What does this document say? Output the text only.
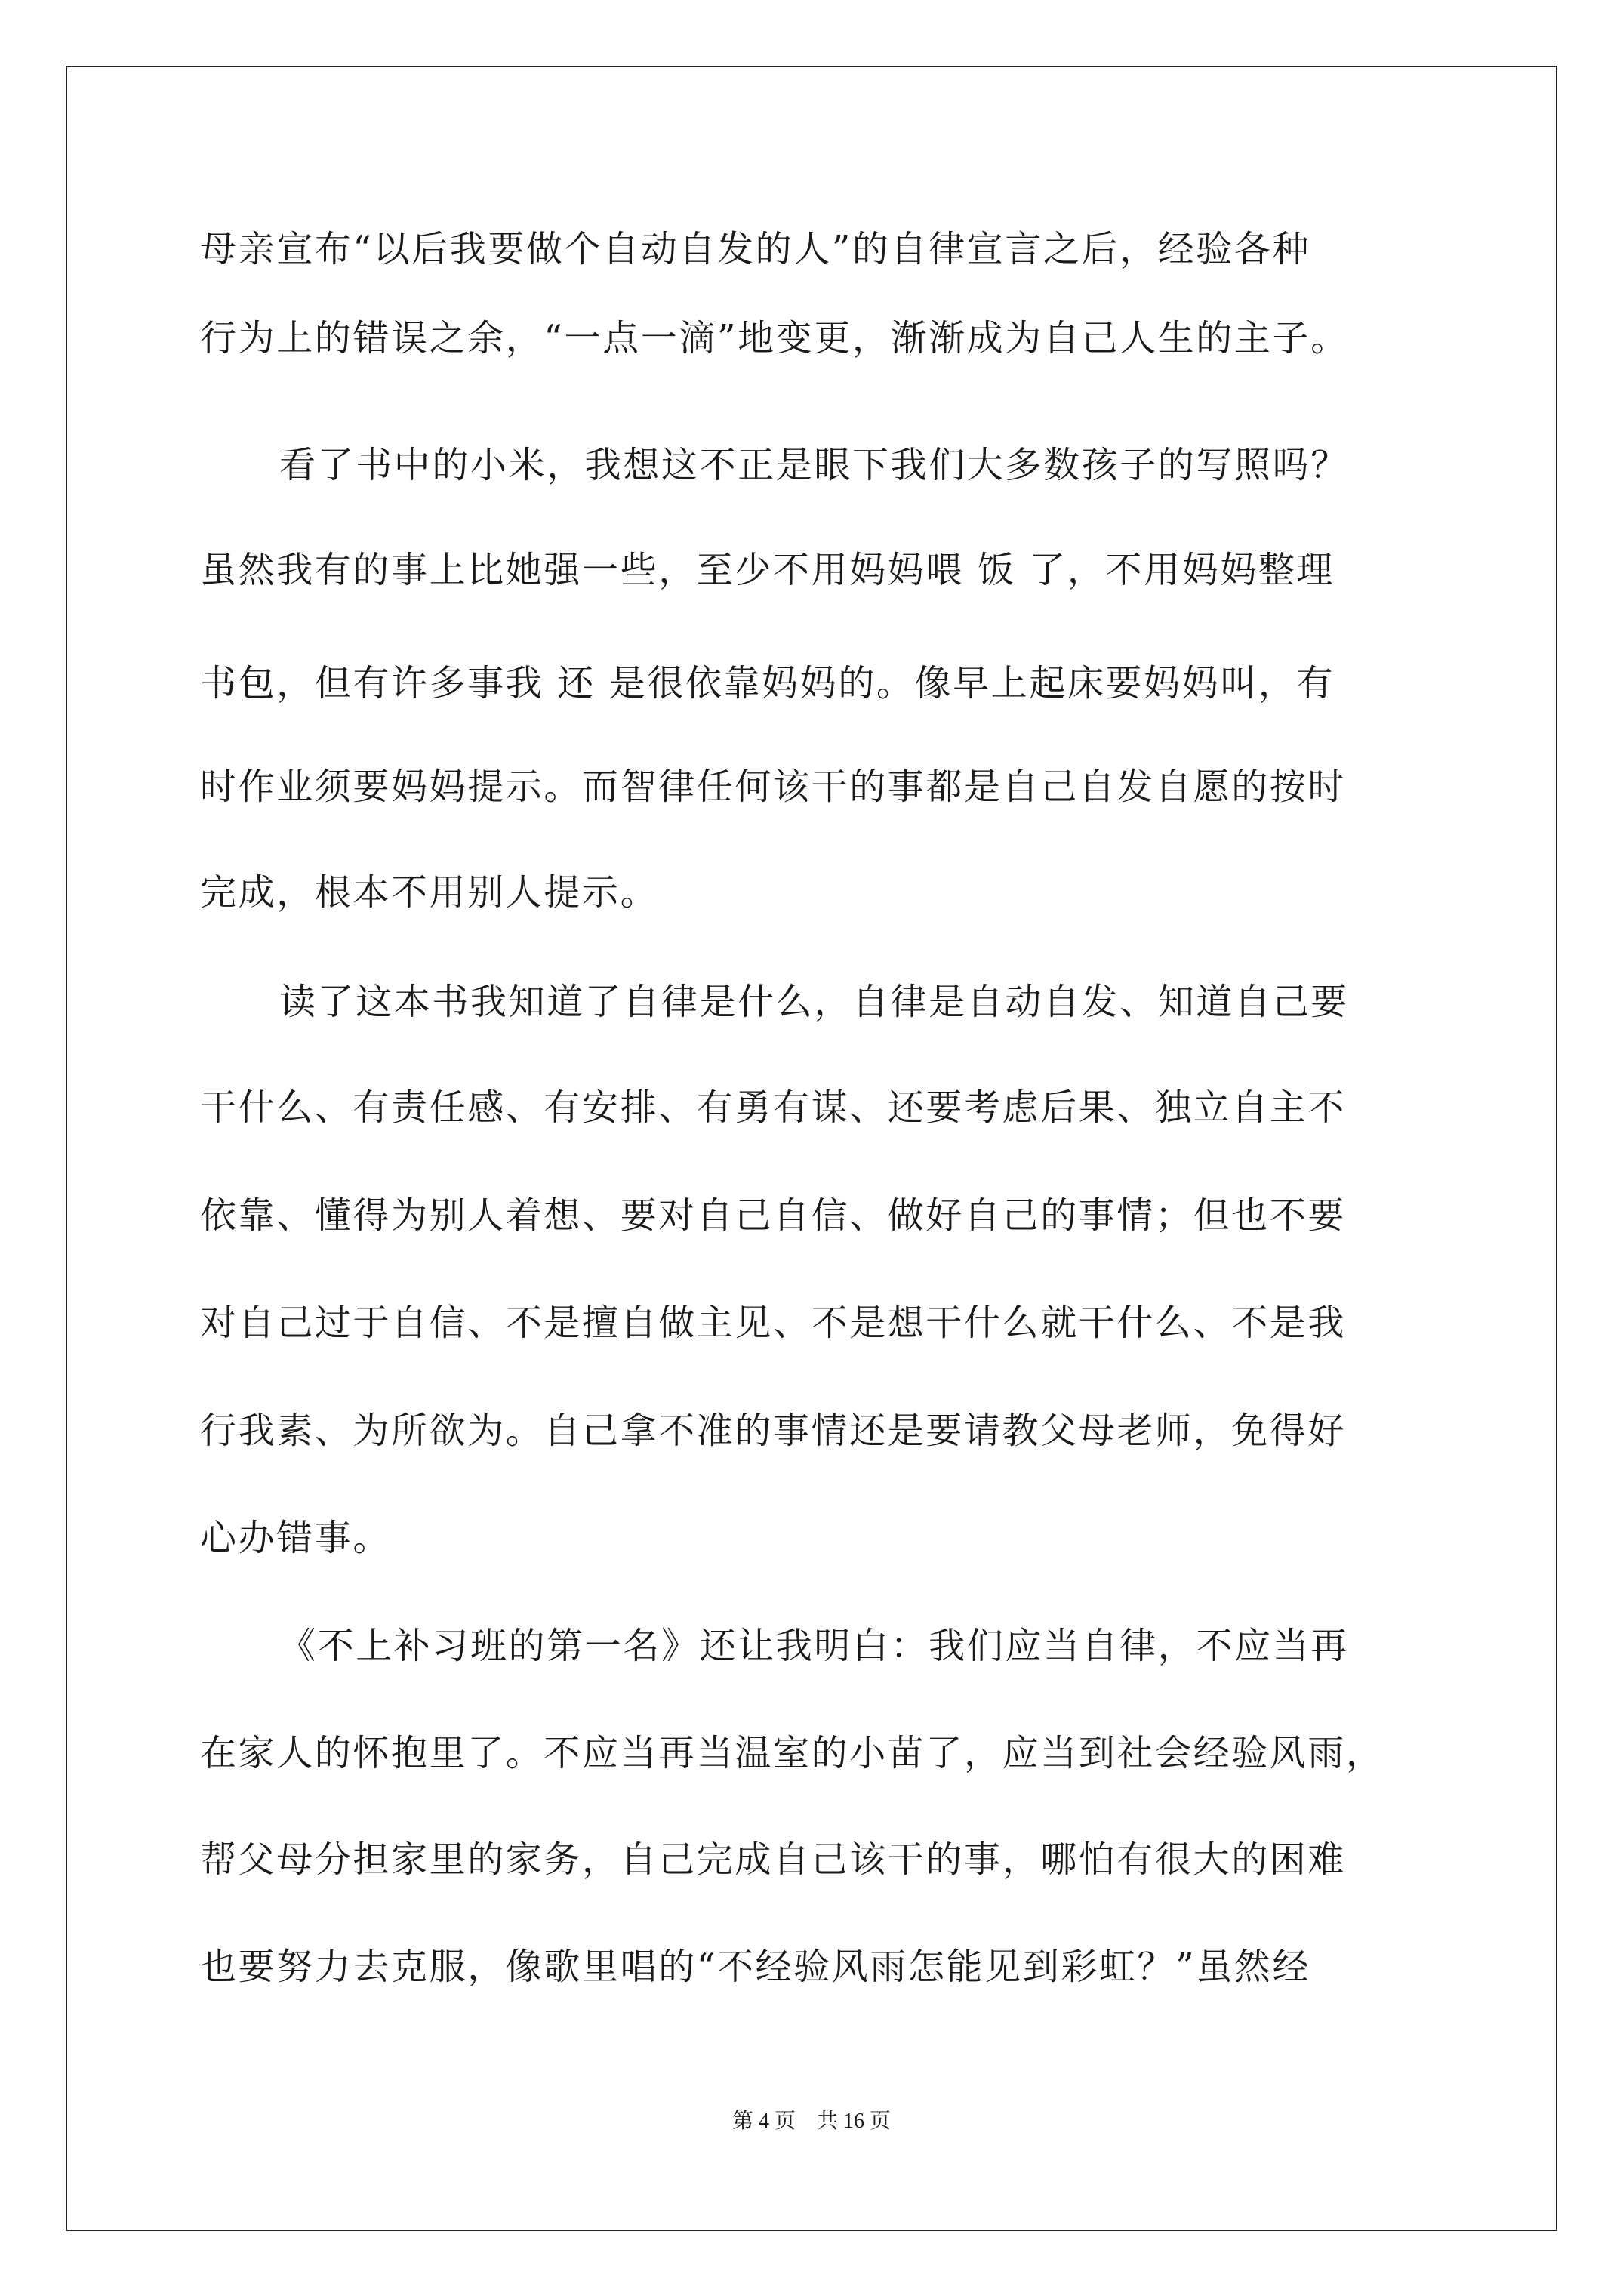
母亲宣布“以后我要做个自动自发的人”的自律宣言之后，经验各种
行为上的错误之余，“一点一滴”地变更，渐渐成为自己人生的主子。
看了书中的小米，我想这不正是眼下我们大多数孩子的写照吗？
虽然我有的事上比她强一些，至少不用妈妈喂 饭 了，不用妈妈整理
书包，但有许多事我 还 是很依靠妈妈的。像早上起床要妈妈叫，有
时作业须要妈妈提示。而智律任何该干的事都是自己自发自愿的按时
完成，根本不用别人提示。
读了这本书我知道了自律是什么，自律是自动自发、知道自己要
干什么、有责任感、有安排、有勇有谋、还要考虑后果、独立自主不
依靠、懂得为别人着想、要对自己自信、做好自己的事情；但也不要
对自己过于自信、不是擅自做主见、不是想干什么就干什么、不是我
行我素、为所欲为。自己拿不准的事情还是要请教父母老师，免得好
心办错事。
《不上补习班的第一名》还让我明白：我们应当自律，不应当再
在家人的怀抱里了。不应当再当温室的小苗了，应当到社会经验风雨，
帮父母分担家里的家务，自己完成自己该干的事，哪怕有很大的困难
也要努力去克服，像歌里唱的“不经验风雨怎能见到彩虹？”虽然经
第 4 页    共 16 页
